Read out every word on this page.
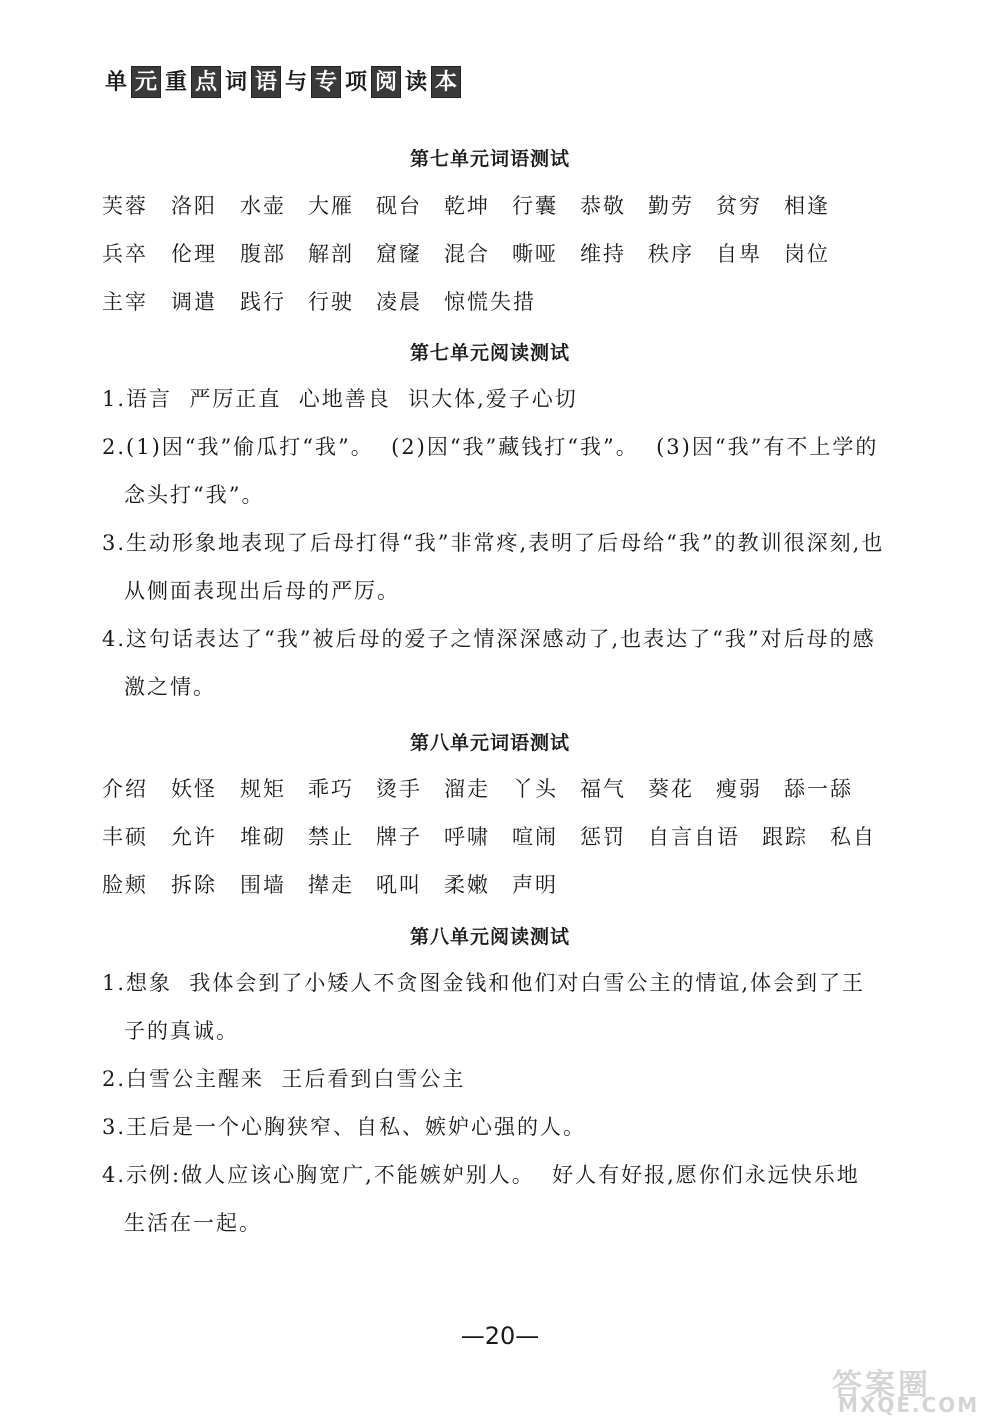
单 元 重 点 词 语 与 专 项 阅 读 本
第七单元词语测试
芙蓉 洛阳 水壶 大雁 砚台 乾坤 行囊 恭敬 勤劳 贫穷 相逢
兵卒 伦理 腹部 解剖 窟窿 混合 嘶哑 维持 秩序 自卑 岗位
主宰 调遣 践行 行驶 凌晨 惊慌失措
第七单元阅读测试
1.语言  严厉正直  心地善良  识大体,爱子心切
2.(1)因“我”偷瓜打“我”。  (2)因“我”藏钱打“我”。  (3)因“我”有不上学的
念头打“我”。
3.生动形象地表现了后母打得“我”非常疼,表明了后母给“我”的教训很深刻,也
从侧面表现出后母的严厉。
4.这句话表达了“我”被后母的爱子之情深深感动了,也表达了“我”对后母的感
激之情。
第八单元词语测试
介绍 妖怪 规矩 乖巧 烫手 溜走 丫头 福气 葵花 瘦弱 舔一舔
丰硕 允许 堆砌 禁止 牌子 呼啸 喧闹 惩罚 自言自语 跟踪 私自
脸颊 拆除 围墙 撵走 吼叫 柔嫩 声明
第八单元阅读测试
1.想象  我体会到了小矮人不贪图金钱和他们对白雪公主的情谊,体会到了王
子的真诚。
2.白雪公主醒来  王后看到白雪公主
3.王后是一个心胸狭窄、自私、嫉妒心强的人。
4.示例:做人应该心胸宽广,不能嫉妒别人。  好人有好报,愿你们永远快乐地
生活在一起。
—20—
答案圈
MXQE.COM
